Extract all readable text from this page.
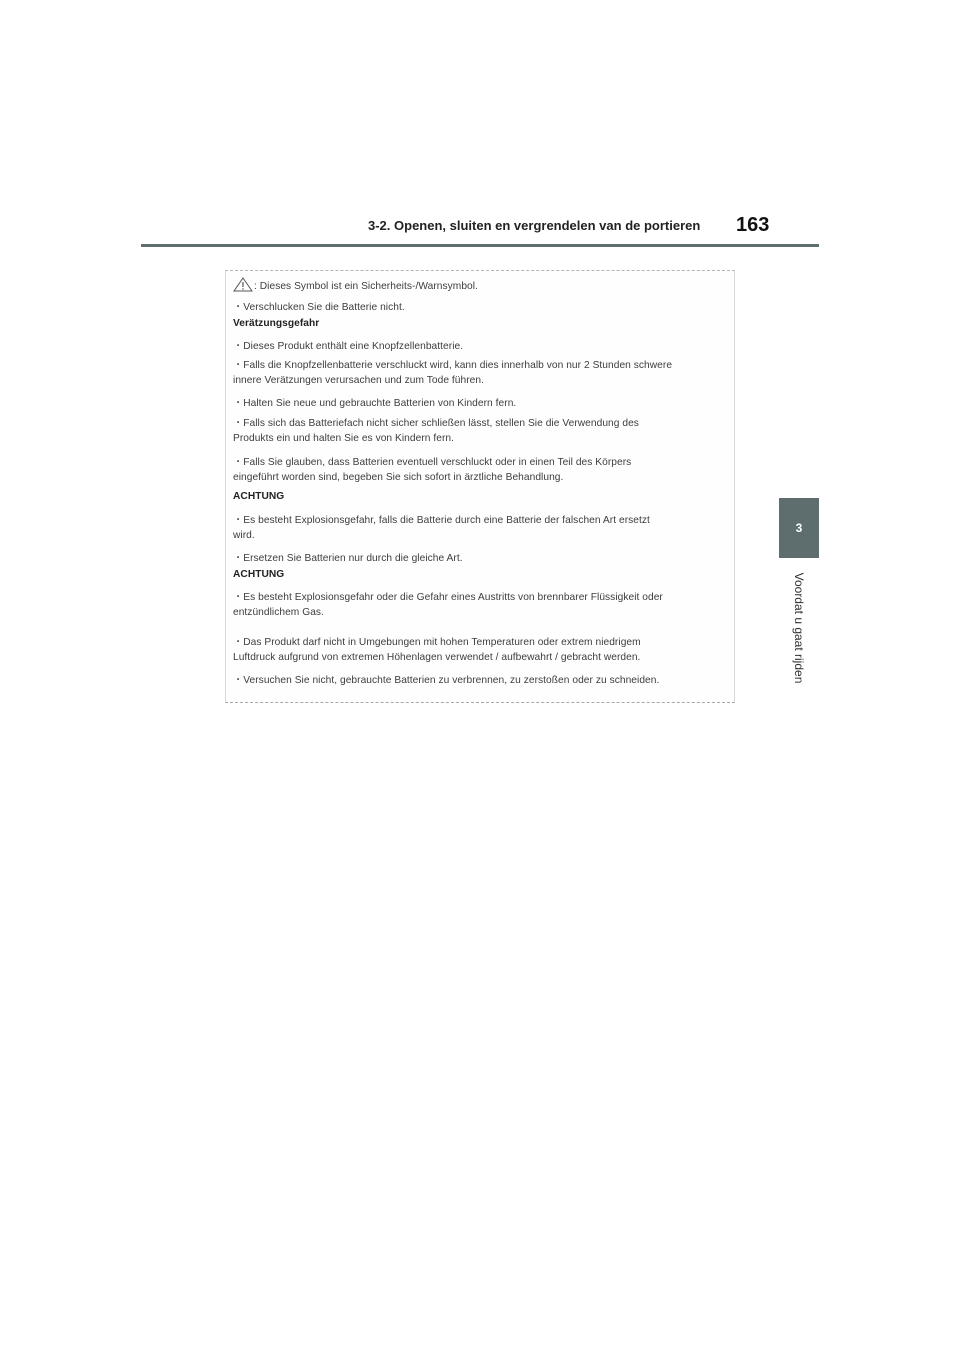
3-2. Openen, sluiten en vergrendelen van de portieren 163
3
Voordat u gaat rijden
: Dieses Symbol ist ein Sicherheits-/Warnsymbol.
・Verschlucken Sie die Batterie nicht.
Verätzungsgefahr
・Dieses Produkt enthält eine Knopfzellenbatterie.
・Falls die Knopfzellenbatterie verschluckt wird, kann dies innerhalb von nur 2 Stunden schwere
innere Verätzungen verursachen und zum Tode führen.
・Halten Sie neue und gebrauchte Batterien von Kindern fern.
・Falls sich das Batteriefach nicht sicher schließen lässt, stellen Sie die Verwendung des
Produkts ein und halten Sie es von Kindern fern.
・Falls Sie glauben, dass Batterien eventuell verschluckt oder in einen Teil des Körpers
eingeführt worden sind, begeben Sie sich sofort in ärztliche Behandlung.
ACHTUNG
・Es besteht Explosionsgefahr, falls die Batterie durch eine Batterie der falschen Art ersetzt
wird.
・Ersetzen Sie Batterien nur durch die gleiche Art.
ACHTUNG
・Es besteht Explosionsgefahr oder die Gefahr eines Austritts von brennbarer Flüssigkeit oder
entzündlichem Gas.
・Das Produkt darf nicht in Umgebungen mit hohen Temperaturen oder extrem niedrigem
Luftdruck aufgrund von extremen Höhenlagen verwendet / aufbewahrt / gebracht werden.
・Versuchen Sie nicht, gebrauchte Batterien zu verbrennen, zu zerstoßen oder zu schneiden.
